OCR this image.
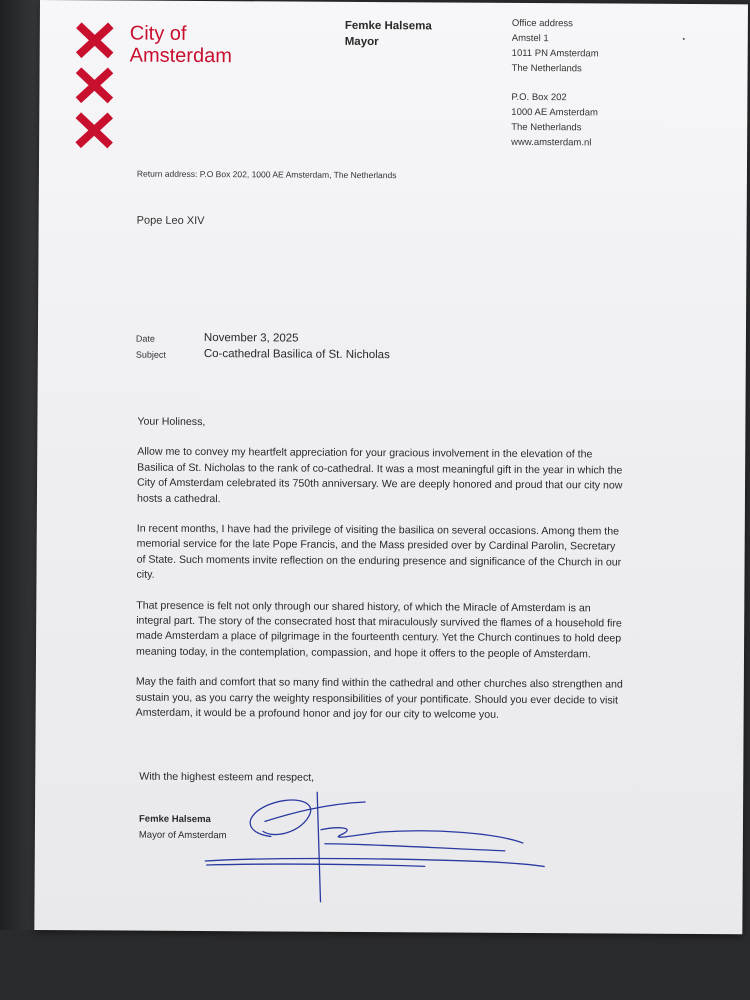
City of
Amsterdam
Femke Halsema
Mayor
Office address
Amstel 1
1011 PN Amsterdam
The Netherlands
P.O. Box 202
1000 AE Amsterdam
The Netherlands
www.amsterdam.nl
Return address: P.O Box 202, 1000 AE Amsterdam, The Netherlands
Pope Leo XIV
Date	November 3, 2025
Subject	Co-cathedral Basilica of St. Nicholas

Your Holiness,

Allow me to convey my heartfelt appreciation for your gracious involvement in the elevation of the Basilica of St. Nicholas to the rank of co-cathedral. It was a most meaningful gift in the year in which the City of Amsterdam celebrated its 750th anniversary. We are deeply honored and proud that our city now hosts a cathedral.

In recent months, I have had the privilege of visiting the basilica on several occasions. Among them the memorial service for the late Pope Francis, and the Mass presided over by Cardinal Parolin, Secretary of State. Such moments invite reflection on the enduring presence and significance of the Church in our city.

That presence is felt not only through our shared history, of which the Miracle of Amsterdam is an integral part. The story of the consecrated host that miraculously survived the flames of a household fire made Amsterdam a place of pilgrimage in the fourteenth century. Yet the Church continues to hold deep meaning today, in the contemplation, compassion, and hope it offers to the people of Amsterdam.

May the faith and comfort that so many find within the cathedral and other churches also strengthen and sustain you, as you carry the weighty responsibilities of your pontificate. Should you ever decide to visit Amsterdam, it would be a profound honor and joy for our city to welcome you.

With the highest esteem and respect,
Femke Halsema
Mayor of Amsterdam
